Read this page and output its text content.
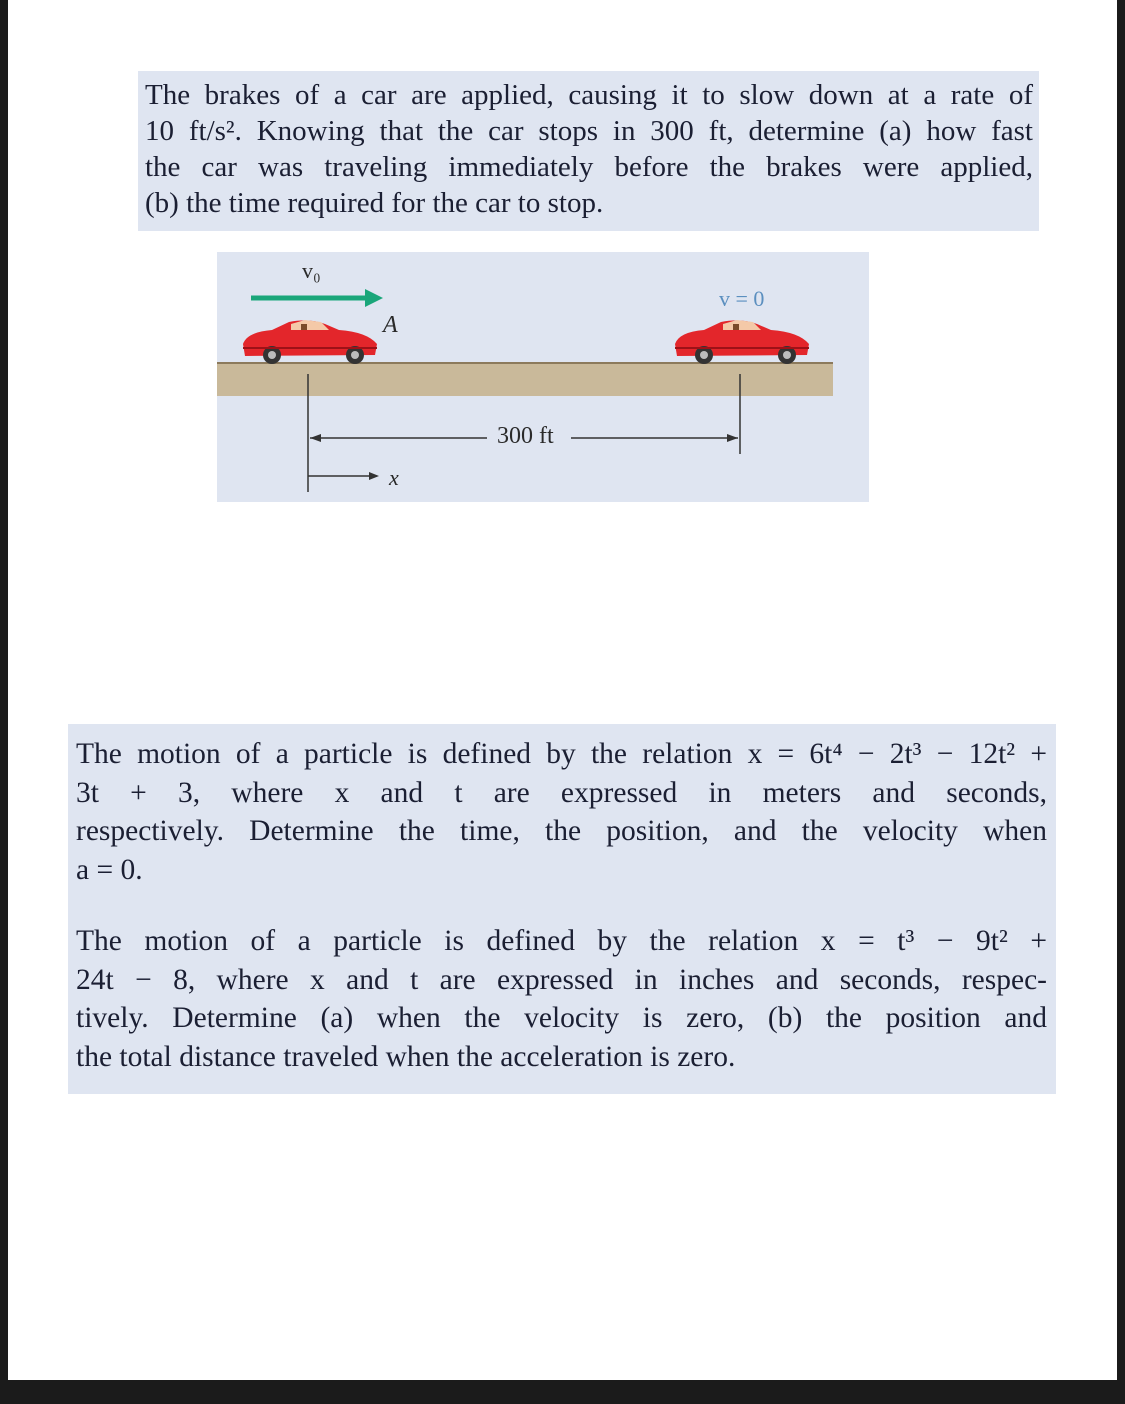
The brakes of a car are applied, causing it to slow down at a rate of
10 ft/s². Knowing that the car stops in 300 ft, determine (a) how fast
the car was traveling immediately before the brakes were applied,
(b) the time required for the car to stop.
v₀
A
v = 0
300 ft
x
The motion of a particle is defined by the relation x = 6t⁴ − 2t³ − 12t² +
3t + 3, where x and t are expressed in meters and seconds,
respectively. Determine the time, the position, and the velocity when
a = 0.
The motion of a particle is defined by the relation x = t³ − 9t² +
24t − 8, where x and t are expressed in inches and seconds, respec-
tively. Determine (a) when the velocity is zero, (b) the position and
the total distance traveled when the acceleration is zero.
